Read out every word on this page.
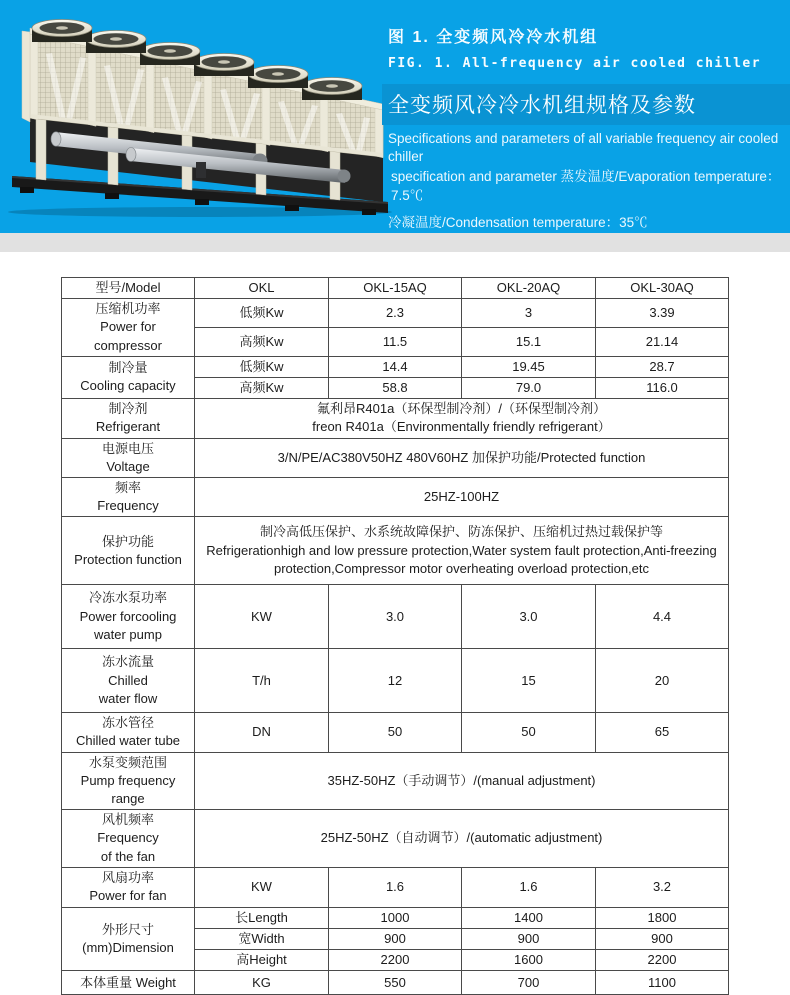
图 1. 全变频风冷冷水机组
FIG. 1. All-frequency air cooled chiller
全变频风冷冷水机组规格及参数
Specifications and parameters of all variable frequency air cooled chiller
specification and parameter 蒸发温度/Evaporation temperature：7.5℃
冷凝温度/Condensation temperature：35℃
型号/Model	OKL	OKL-15AQ	OKL-20AQ	OKL-30AQ

压缩机功率
Power for compressor	低频Kw	2.3	3	3.39
	高频Kw	11.5	15.1	21.14

制冷量
Cooling capacity	低频Kw	14.4	19.45	28.7
	高频Kw	58.8	79.0	116.0

制冷剂
Refrigerant	氟利昂R401a（环保型制冷剂）/（环保型制冷剂）
freon R401a（Environmentally friendly refrigerant）			

电源电压
Voltage	3/N/PE/AC380V50HZ 480V60HZ 加保护功能/Protected function			

频率
Frequency	25HZ-100HZ			

保护功能
Protection function	制冷高低压保护、水系统故障保护、防冻保护、压缩机过热过载保护等
Refrigerationhigh and low pressure protection,Water system fault protection,Anti-freezing protection,Compressor motor overheating overload protection,etc			

冷冻水泵功率
Power forcooling
water pump	KW	3.0	3.0	4.4

冻水流量
Chilled
water flow	T/h	12	15	20

冻水管径
Chilled water tube	DN	50	50	65

水泵变频范围
Pump frequency
range	35HZ-50HZ（手动调节）/(manual adjustment)			

风机频率
Frequency
of the fan	25HZ-50HZ（自动调节）/(automatic adjustment)			

风扇功率
Power for fan	KW	1.6	1.6	3.2

外形尺寸
(mm)Dimension	长Length	1000	1400	1800
	宽Width	900	900	900
	高Height	2200	1600	2200
本体重量 Weight	KG	550	700	1100
